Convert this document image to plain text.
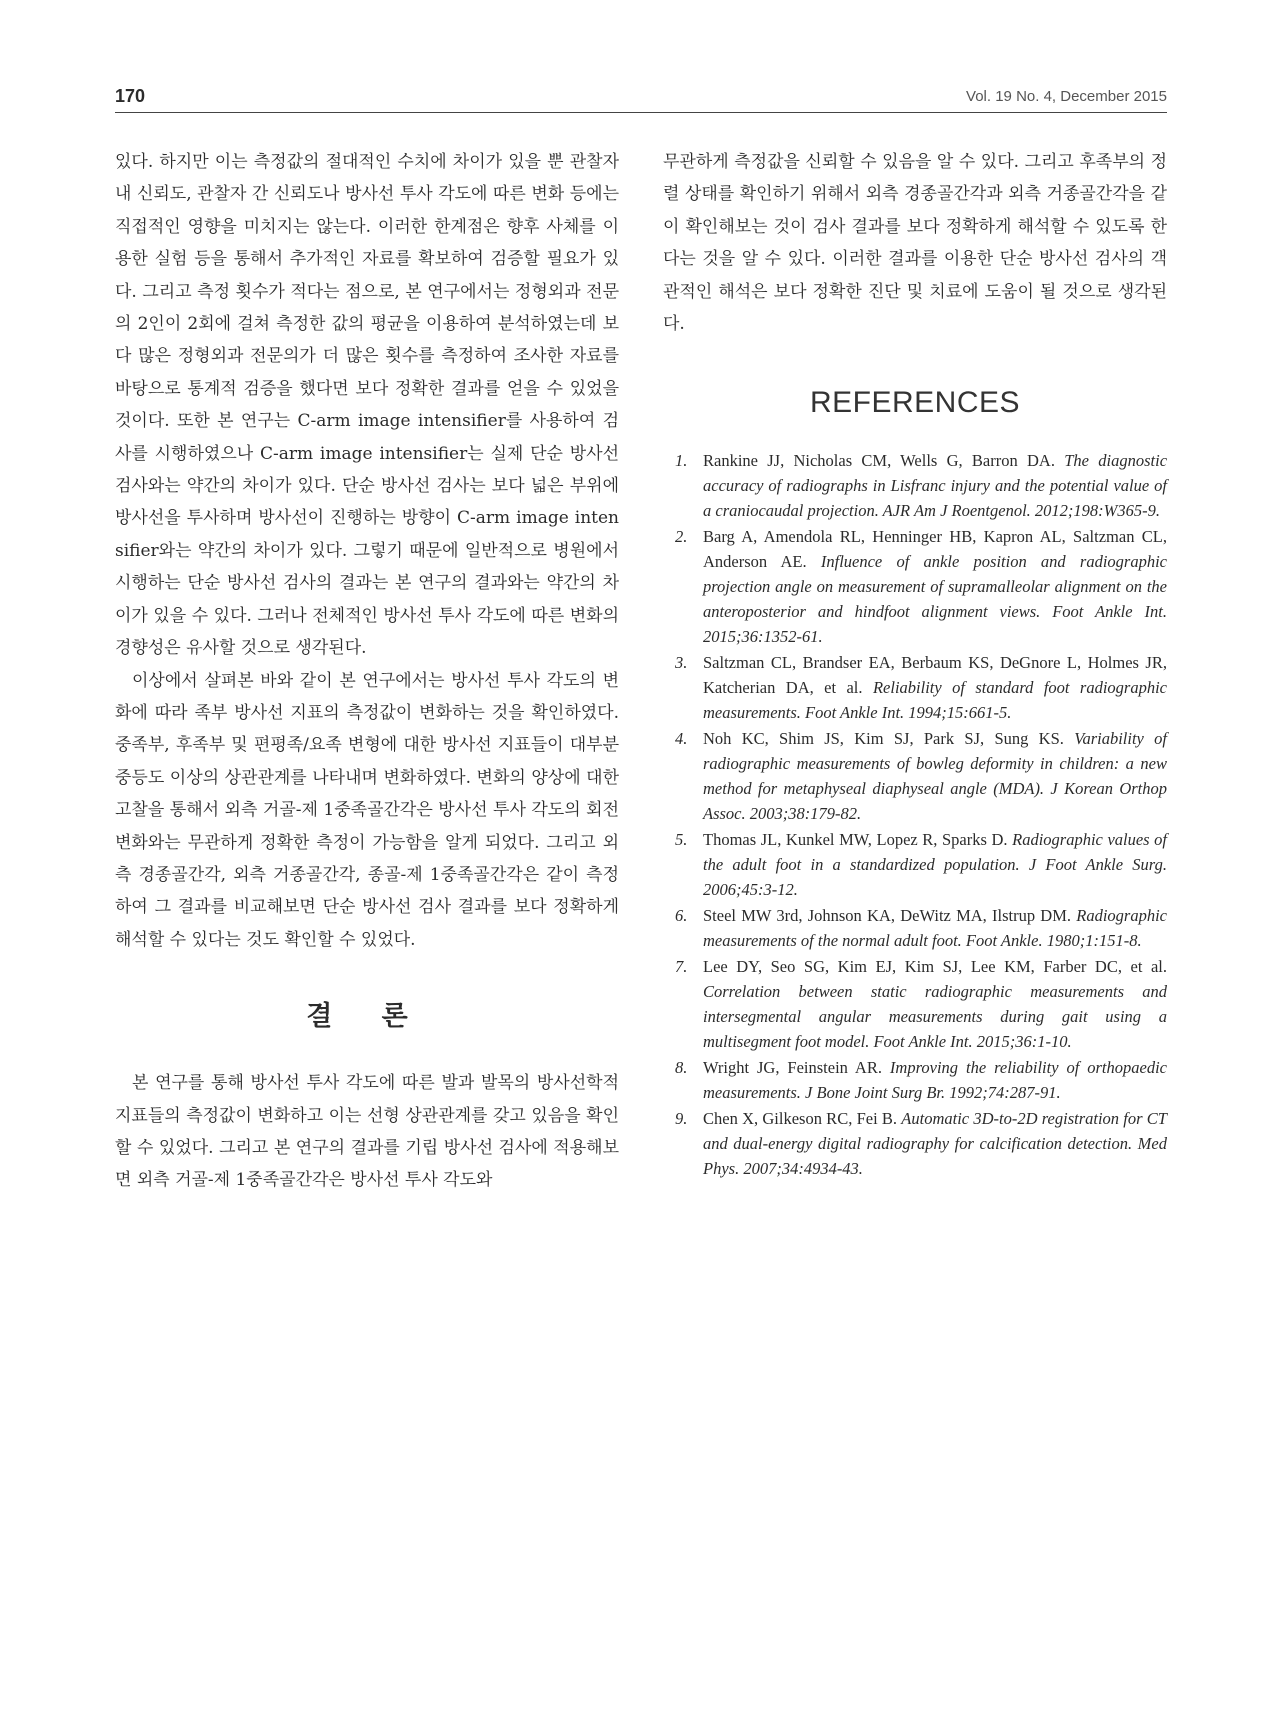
170	Vol. 19 No. 4, December 2015

있다. 하지만 이는 측정값의 절대적인 수치에 차이가 있을 뿐 관찰자 내 신뢰도, 관찰자 간 신뢰도나 방사선 투사 각도에 따른 변화 등에는 직접적인 영향을 미치지는 않는다. 이러한 한계점은 향후 사체를 이용한 실험 등을 통해서 추가적인 자료를 확보하여 검증할 필요가 있다. 그리고 측정 횟수가 적다는 점으로, 본 연구에서는 정형외과 전문의 2인이 2회에 걸쳐 측정한 값의 평균을 이용하여 분석하였는데 보다 많은 정형외과 전문의가 더 많은 횟수를 측정하여 조사한 자료를 바탕으로 통계적 검증을 했다면 보다 정확한 결과를 얻을 수 있었을 것이다. 또한 본 연구는 C-arm image intensifier를 사용하여 검사를 시행하였으나 C-arm image intensifier는 실제 단순 방사선 검사와는 약간의 차이가 있다. 단순 방사선 검사는 보다 넓은 부위에 방사선을 투사하며 방사선이 진행하는 방향이 C-arm image intensifier와는 약간의 차이가 있다. 그렇기 때문에 일반적으로 병원에서 시행하는 단순 방사선 검사의 결과는 본 연구의 결과와는 약간의 차이가 있을 수 있다. 그러나 전체적인 방사선 투사 각도에 따른 변화의 경향성은 유사할 것으로 생각된다.

이상에서 살펴본 바와 같이 본 연구에서는 방사선 투사 각도의 변화에 따라 족부 방사선 지표의 측정값이 변화하는 것을 확인하였다. 중족부, 후족부 및 편평족/요족 변형에 대한 방사선 지표들이 대부분 중등도 이상의 상관관계를 나타내며 변화하였다. 변화의 양상에 대한 고찰을 통해서 외측 거골-제 1중족골간각은 방사선 투사 각도의 회전 변화와는 무관하게 정확한 측정이 가능함을 알게 되었다. 그리고 외측 경종골간각, 외측 거종골간각, 종골-제 1중족골간각은 같이 측정하여 그 결과를 비교해보면 단순 방사선 검사 결과를 보다 정확하게 해석할 수 있다는 것도 확인할 수 있었다.

결 론

본 연구를 통해 방사선 투사 각도에 따른 발과 발목의 방사선학적 지표들의 측정값이 변화하고 이는 선형 상관관계를 갖고 있음을 확인할 수 있었다. 그리고 본 연구의 결과를 기립 방사선 검사에 적용해보면 외측 거골-제 1중족골간각은 방사선 투사 각도와

무관하게 측정값을 신뢰할 수 있음을 알 수 있다. 그리고 후족부의 정렬 상태를 확인하기 위해서 외측 경종골간각과 외측 거종골간각을 같이 확인해보는 것이 검사 결과를 보다 정확하게 해석할 수 있도록 한다는 것을 알 수 있다. 이러한 결과를 이용한 단순 방사선 검사의 객관적인 해석은 보다 정확한 진단 및 치료에 도움이 될 것으로 생각된다.

REFERENCES
1. Rankine JJ, Nicholas CM, Wells G, Barron DA. The diagnostic accuracy of radiographs in Lisfranc injury and the potential value of a craniocaudal projection. AJR Am J Roentgenol. 2012;198:W365-9.
2. Barg A, Amendola RL, Henninger HB, Kapron AL, Saltzman CL, Anderson AE. Influence of ankle position and radiographic projection angle on measurement of supramalleolar alignment on the anteroposterior and hindfoot alignment views. Foot Ankle Int. 2015;36:1352-61.
3. Saltzman CL, Brandser EA, Berbaum KS, DeGnore L, Holmes JR, Katcherian DA, et al. Reliability of standard foot radiographic measurements. Foot Ankle Int. 1994;15:661-5.
4. Noh KC, Shim JS, Kim SJ, Park SJ, Sung KS. Variability of radiographic measurements of bowleg deformity in children: a new method for metaphyseal diaphyseal angle (MDA). J Korean Orthop Assoc. 2003;38:179-82.
5. Thomas JL, Kunkel MW, Lopez R, Sparks D. Radiographic values of the adult foot in a standardized population. J Foot Ankle Surg. 2006;45:3-12.
6. Steel MW 3rd, Johnson KA, DeWitz MA, Ilstrup DM. Radiographic measurements of the normal adult foot. Foot Ankle. 1980;1:151-8.
7. Lee DY, Seo SG, Kim EJ, Kim SJ, Lee KM, Farber DC, et al. Correlation between static radiographic measurements and intersegmental angular measurements during gait using a multisegment foot model. Foot Ankle Int. 2015;36:1-10.
8. Wright JG, Feinstein AR. Improving the reliability of orthopaedic measurements. J Bone Joint Surg Br. 1992;74:287-91.
9. Chen X, Gilkeson RC, Fei B. Automatic 3D-to-2D registration for CT and dual-energy digital radiography for calcification detection. Med Phys. 2007;34:4934-43.
